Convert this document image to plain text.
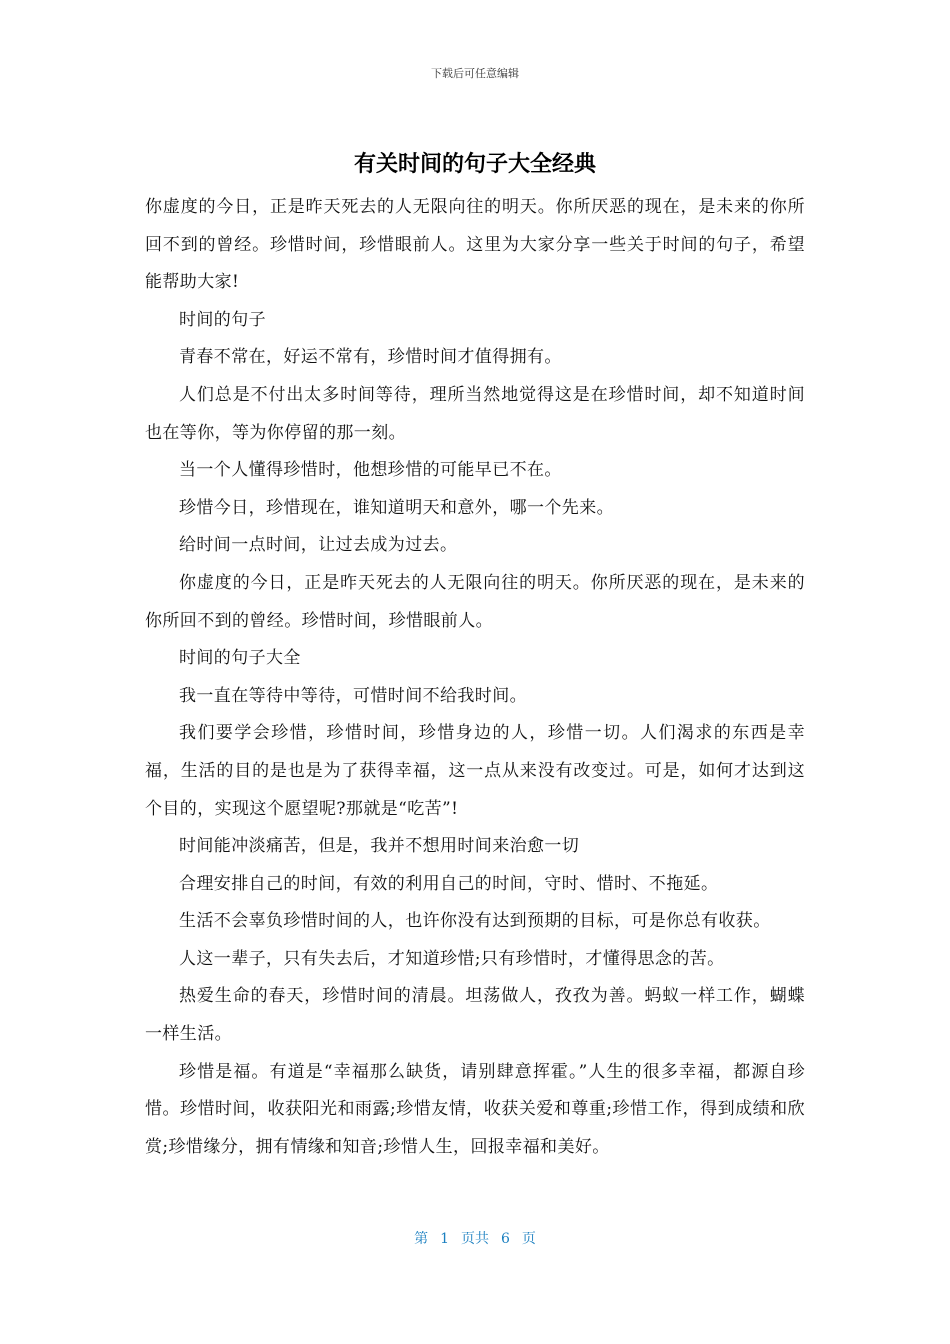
下载后可任意编辑
有关时间的句子大全经典

你虚度的今日，正是昨天死去的人无限向往的明天。你所厌恶的现在，是未来的你所回不到的曾经。珍惜时间，珍惜眼前人。这里为大家分享一些关于时间的句子，希望能帮助大家!

时间的句子

青春不常在，好运不常有，珍惜时间才值得拥有。

人们总是不付出太多时间等待，理所当然地觉得这是在珍惜时间，却不知道时间也在等你，等为你停留的那一刻。

当一个人懂得珍惜时，他想珍惜的可能早已不在。

珍惜今日，珍惜现在，谁知道明天和意外，哪一个先来。

给时间一点时间，让过去成为过去。

你虚度的今日，正是昨天死去的人无限向往的明天。你所厌恶的现在，是未来的你所回不到的曾经。珍惜时间，珍惜眼前人。

时间的句子大全

我一直在等待中等待，可惜时间不给我时间。

我们要学会珍惜，珍惜时间，珍惜身边的人，珍惜一切。人们渴求的东西是幸福，生活的目的是也是为了获得幸福，这一点从来没有改变过。可是，如何才达到这个目的，实现这个愿望呢?那就是“吃苦”!

时间能冲淡痛苦，但是，我并不想用时间来治愈一切

合理安排自己的时间，有效的利用自己的时间，守时、惜时、不拖延。

生活不会辜负珍惜时间的人，也许你没有达到预期的目标，可是你总有收获。

人这一辈子，只有失去后，才知道珍惜;只有珍惜时，才懂得思念的苦。

热爱生命的春天，珍惜时间的清晨。坦荡做人，孜孜为善。蚂蚁一样工作，蝴蝶一样生活。

珍惜是福。有道是“幸福那么缺货，请别肆意挥霍。”人生的很多幸福，都源自珍惜。珍惜时间，收获阳光和雨露;珍惜友情，收获关爱和尊重;珍惜工作，得到成绩和欣赏;珍惜缘分，拥有情缘和知音;珍惜人生，回报幸福和美好。

第 1 页共 6 页
